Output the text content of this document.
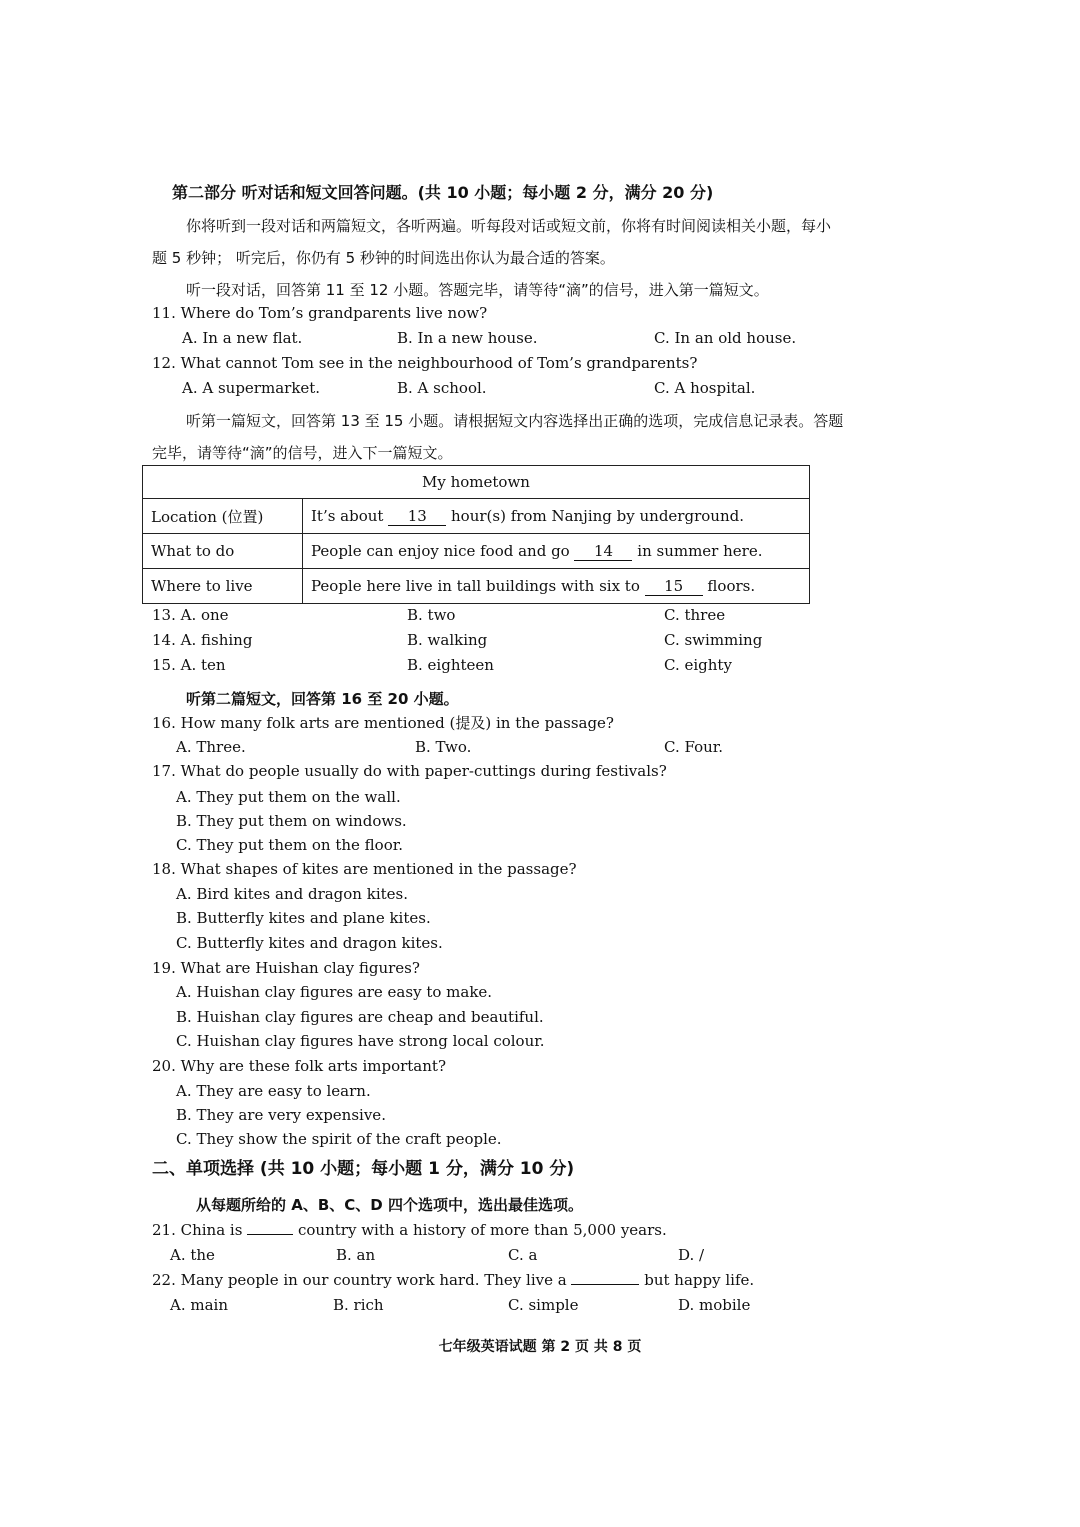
第二部分 听对话和短文回答问题。(共 10 小题；每小题 2 分，满分 20 分)
你将听到一段对话和两篇短文，各听两遍。听每段对话或短文前，你将有时间阅读相关小题，每小
题 5 秒钟； 听完后，你仍有 5 秒钟的时间选出你认为最合适的答案。
听一段对话，回答第 11 至 12 小题。答题完毕，请等待“滴”的信号，进入第一篇短文。
11. Where do Tom’s grandparents live now?
A. In a new flat.	B. In a new house.	C. In an old house.
12. What cannot Tom see in the neighbourhood of Tom’s grandparents?
A. A supermarket.	B. A school.	C. A hospital.
听第一篇短文，回答第 13 至 15 小题。请根据短文内容选择出正确的选项，完成信息记录表。答题
完毕，请等待“滴”的信号，进入下一篇短文。
My hometown	
Location (位置)	It’s about 13 hour(s) from Nanjing by underground.
What to do	People can enjoy nice food and go 14 in summer here.
Where to live	People here live in tall buildings with six to 15 floors.
13. A. one	B. two	C. three
14. A. fishing	B. walking	C. swimming
15. A. ten	B. eighteen	C. eighty
听第二篇短文，回答第 16 至 20 小题。
16. How many folk arts are mentioned (提及) in the passage?
A. Three.	B. Two.	C. Four.
17. What do people usually do with paper-cuttings during festivals?
A. They put them on the wall.
B. They put them on windows.
C. They put them on the floor.
18. What shapes of kites are mentioned in the passage?
A. Bird kites and dragon kites.
B. Butterfly kites and plane kites.
C. Butterfly kites and dragon kites.
19. What are Huishan clay figures?
A. Huishan clay figures are easy to make.
B. Huishan clay figures are cheap and beautiful.
C. Huishan clay figures have strong local colour.
20. Why are these folk arts important?
A. They are easy to learn.
B. They are very expensive.
C. They show the spirit of the craft people.
二、单项选择 (共 10 小题；每小题 1 分，满分 10 分)
从每题所给的 A、B、C、D 四个选项中，选出最佳选项。
21. China is	country with a history of more than 5,000 years.
A. the	B. an	C. a	D. /
22. Many people in our country work hard. They live a	but happy life.
A. main	B. rich	C. simple	D. mobile
七年级英语试题 第 2 页 共 8 页
